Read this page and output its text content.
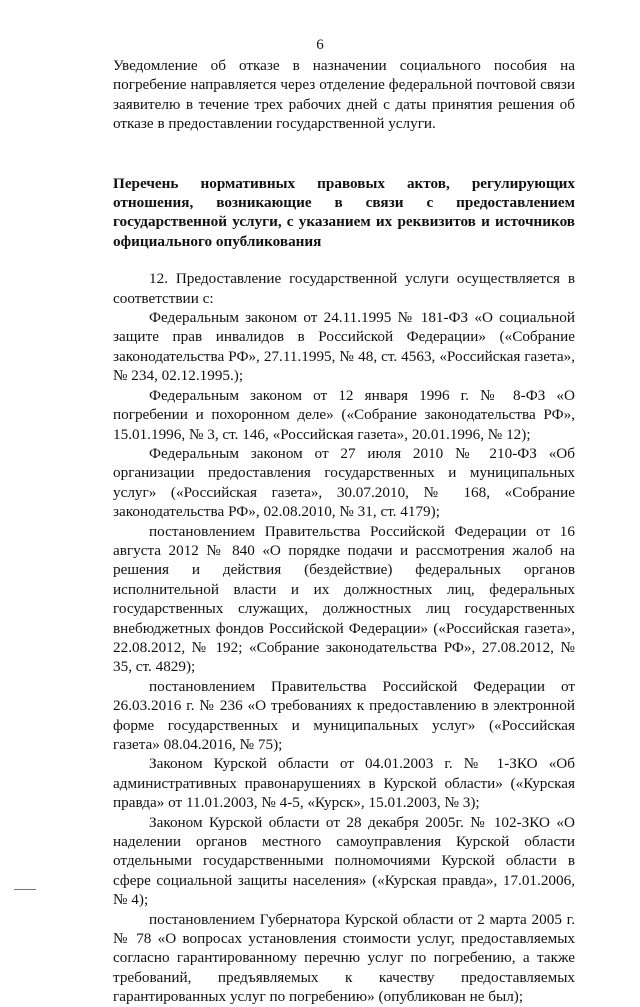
6

Уведомление об отказе в назначении социального пособия на погребение направляется через отделение федеральной почтовой связи заявителю в течение трех рабочих дней с даты принятия решения об отказе в предоставлении государственной услуги.

Перечень нормативных правовых актов, регулирующих отношения, возникающие в связи с предоставлением государственной услуги, с указанием их реквизитов и источников официального опубликования

12. Предоставление государственной услуги осуществляется в соответствии с:

Федеральным законом от 24.11.1995 № 181-ФЗ «О социальной защите прав инвалидов в Российской Федерации» («Собрание законодательства РФ», 27.11.1995, № 48, ст. 4563, «Российская газета», № 234, 02.12.1995.);

Федеральным законом от 12 января 1996 г. № 8-ФЗ «О погребении и похоронном деле» («Собрание законодательства РФ», 15.01.1996, № 3, ст. 146, «Российская газета», 20.01.1996, № 12);

Федеральным законом от 27 июля 2010 № 210-ФЗ «Об организации предоставления государственных и муниципальных услуг» («Российская газета», 30.07.2010, № 168, «Собрание законодательства РФ», 02.08.2010, № 31, ст. 4179);

постановлением Правительства Российской Федерации от 16 августа 2012 № 840 «О порядке подачи и рассмотрения жалоб на решения и действия (бездействие) федеральных органов исполнительной власти и их должностных лиц, федеральных государственных служащих, должностных лиц государственных внебюджетных фондов Российской Федерации» («Российская газета», 22.08.2012, № 192; «Собрание законодательства РФ», 27.08.2012, № 35, ст. 4829);

постановлением Правительства Российской Федерации от 26.03.2016 г. № 236 «О требованиях к предоставлению в электронной форме государственных и муниципальных услуг» («Российская газета» 08.04.2016, № 75);

Законом Курской области от 04.01.2003 г. № 1-ЗКО «Об административных правонарушениях в Курской области» («Курская правда» от 11.01.2003, № 4-5, «Курск», 15.01.2003, № 3);

Законом Курской области от 28 декабря 2005г. № 102-ЗКО «О наделении органов местного самоуправления Курской области отдельными государственными полномочиями Курской области в сфере социальной защиты населения» («Курская правда», 17.01.2006, № 4);

постановлением Губернатора Курской области от 2 марта 2005 г. № 78 «О вопросах установления стоимости услуг, предоставляемых согласно гарантированному перечню услуг по погребению, а также требований, предъявляемых к качеству предоставляемых гарантированных услуг по погребению» (опубликован не был);
